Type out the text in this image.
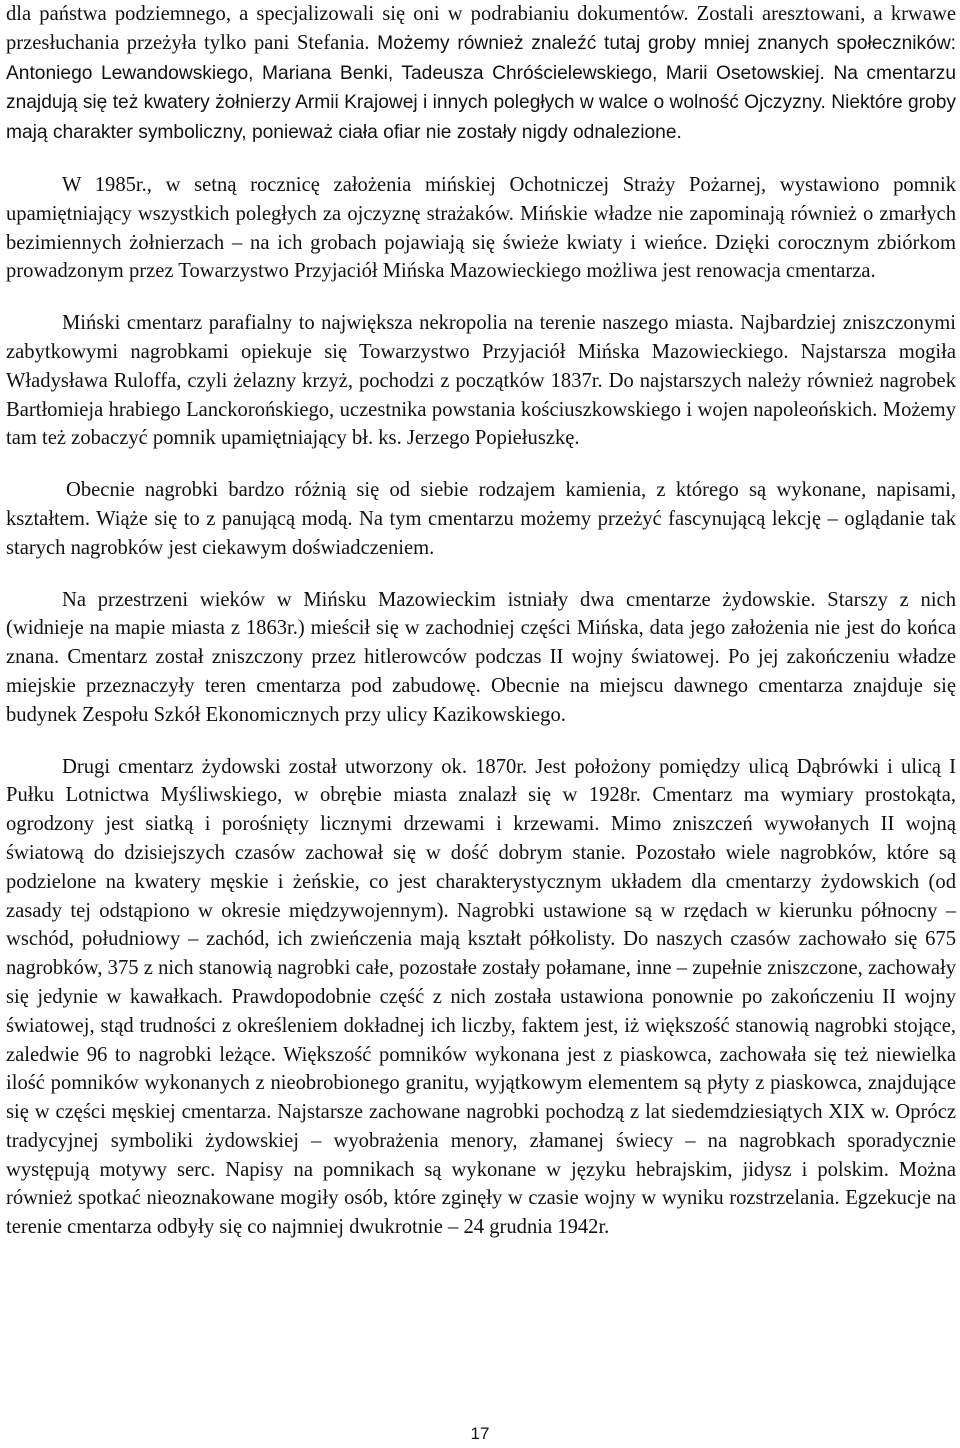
dla państwa podziemnego, a specjalizowali się oni w podrabianiu dokumentów. Zostali aresztowani, a krwawe przesłuchania przeżyła tylko pani Stefania. Możemy również znaleźć tutaj groby mniej znanych społeczników: Antoniego Lewandowskiego, Mariana Benki, Tadeusza Chróścielewskiego, Marii Osetowskiej. Na cmentarzu znajdują się też kwatery żołnierzy Armii Krajowej i innych poległych w walce o wolność Ojczyzny. Niektóre groby mają charakter symboliczny, ponieważ ciała ofiar nie zostały nigdy odnalezione.

W 1985r., w setną rocznicę założenia mińskiej Ochotniczej Straży Pożarnej, wystawiono pomnik upamiętniający wszystkich poległych za ojczyznę strażaków. Mińskie władze nie zapominają również o zmarłych bezimiennych żołnierzach – na ich grobach pojawiają się świeże kwiaty i wieńce. Dzięki corocznym zbiórkom prowadzonym przez Towarzystwo Przyjaciół Mińska Mazowieckiego możliwa jest renowacja cmentarza.

Miński cmentarz parafialny to największa nekropolia na terenie naszego miasta. Najbardziej zniszczonymi zabytkowymi nagrobkami opiekuje się Towarzystwo Przyjaciół Mińska Mazowieckiego. Najstarsza mogiła Władysława Ruloffa, czyli żelazny krzyż, pochodzi z początków 1837r. Do najstarszych należy również nagrobek Bartłomieja hrabiego Lanckorońskiego, uczestnika powstania kościuszkowskiego i wojen napoleońskich. Możemy tam też zobaczyć pomnik upamiętniający bł. ks. Jerzego Popiełuszkę.

Obecnie nagrobki bardzo różnią się od siebie rodzajem kamienia, z którego są wykonane, napisami, kształtem. Wiąże się to z panującą modą. Na tym cmentarzu możemy przeżyć fascynującą lekcję – oglądanie tak starych nagrobków jest ciekawym doświadczeniem.

Na przestrzeni wieków w Mińsku Mazowieckim istniały dwa cmentarze żydowskie. Starszy z nich (widnieje na mapie miasta z 1863r.) mieścił się w zachodniej części Mińska, data jego założenia nie jest do końca znana. Cmentarz został zniszczony przez hitlerowców podczas II wojny światowej. Po jej zakończeniu władze miejskie przeznaczyły teren cmentarza pod zabudowę. Obecnie na miejscu dawnego cmentarza znajduje się budynek Zespołu Szkół Ekonomicznych przy ulicy Kazikowskiego.

Drugi cmentarz żydowski został utworzony ok. 1870r. Jest położony pomiędzy ulicą Dąbrówki i ulicą I Pułku Lotnictwa Myśliwskiego, w obrębie miasta znalazł się w 1928r. Cmentarz ma wymiary prostokąta, ogrodzony jest siatką i porośnięty licznymi drzewami i krzewami. Mimo zniszczeń wywołanych II wojną światową do dzisiejszych czasów zachował się w dość dobrym stanie. Pozostało wiele nagrobków, które są podzielone na kwatery męskie i żeńskie, co jest charakterystycznym układem dla cmentarzy żydowskich (od zasady tej odstąpiono w okresie międzywojennym). Nagrobki ustawione są w rzędach w kierunku północny – wschód, południowy – zachód, ich zwieńczenia mają kształt półkolisty. Do naszych czasów zachowało się 675 nagrobków, 375 z nich stanowią nagrobki całe, pozostałe zostały połamane, inne – zupełnie zniszczone, zachowały się jedynie w kawałkach. Prawdopodobnie część z nich została ustawiona ponownie po zakończeniu II wojny światowej, stąd trudności z określeniem dokładnej ich liczby, faktem jest, iż większość stanowią nagrobki stojące, zaledwie 96 to nagrobki leżące. Większość pomników wykonana jest z piaskowca, zachowała się też niewielka ilość pomników wykonanych z nieobrobionego granitu, wyjątkowym elementem są płyty z piaskowca, znajdujące się w części męskiej cmentarza. Najstarsze zachowane nagrobki pochodzą z lat siedemdziesiątych XIX w. Oprócz tradycyjnej symboliki żydowskiej – wyobrażenia menory, złamanej świecy – na nagrobkach sporadycznie występują motywy serc. Napisy na pomnikach są wykonane w języku hebrajskim, jidysz i polskim. Można również spotkać nieoznakowane mogiły osób, które zginęły w czasie wojny w wyniku rozstrzelania. Egzekucje na terenie cmentarza odbyły się co najmniej dwukrotnie – 24 grudnia 1942r.

17
